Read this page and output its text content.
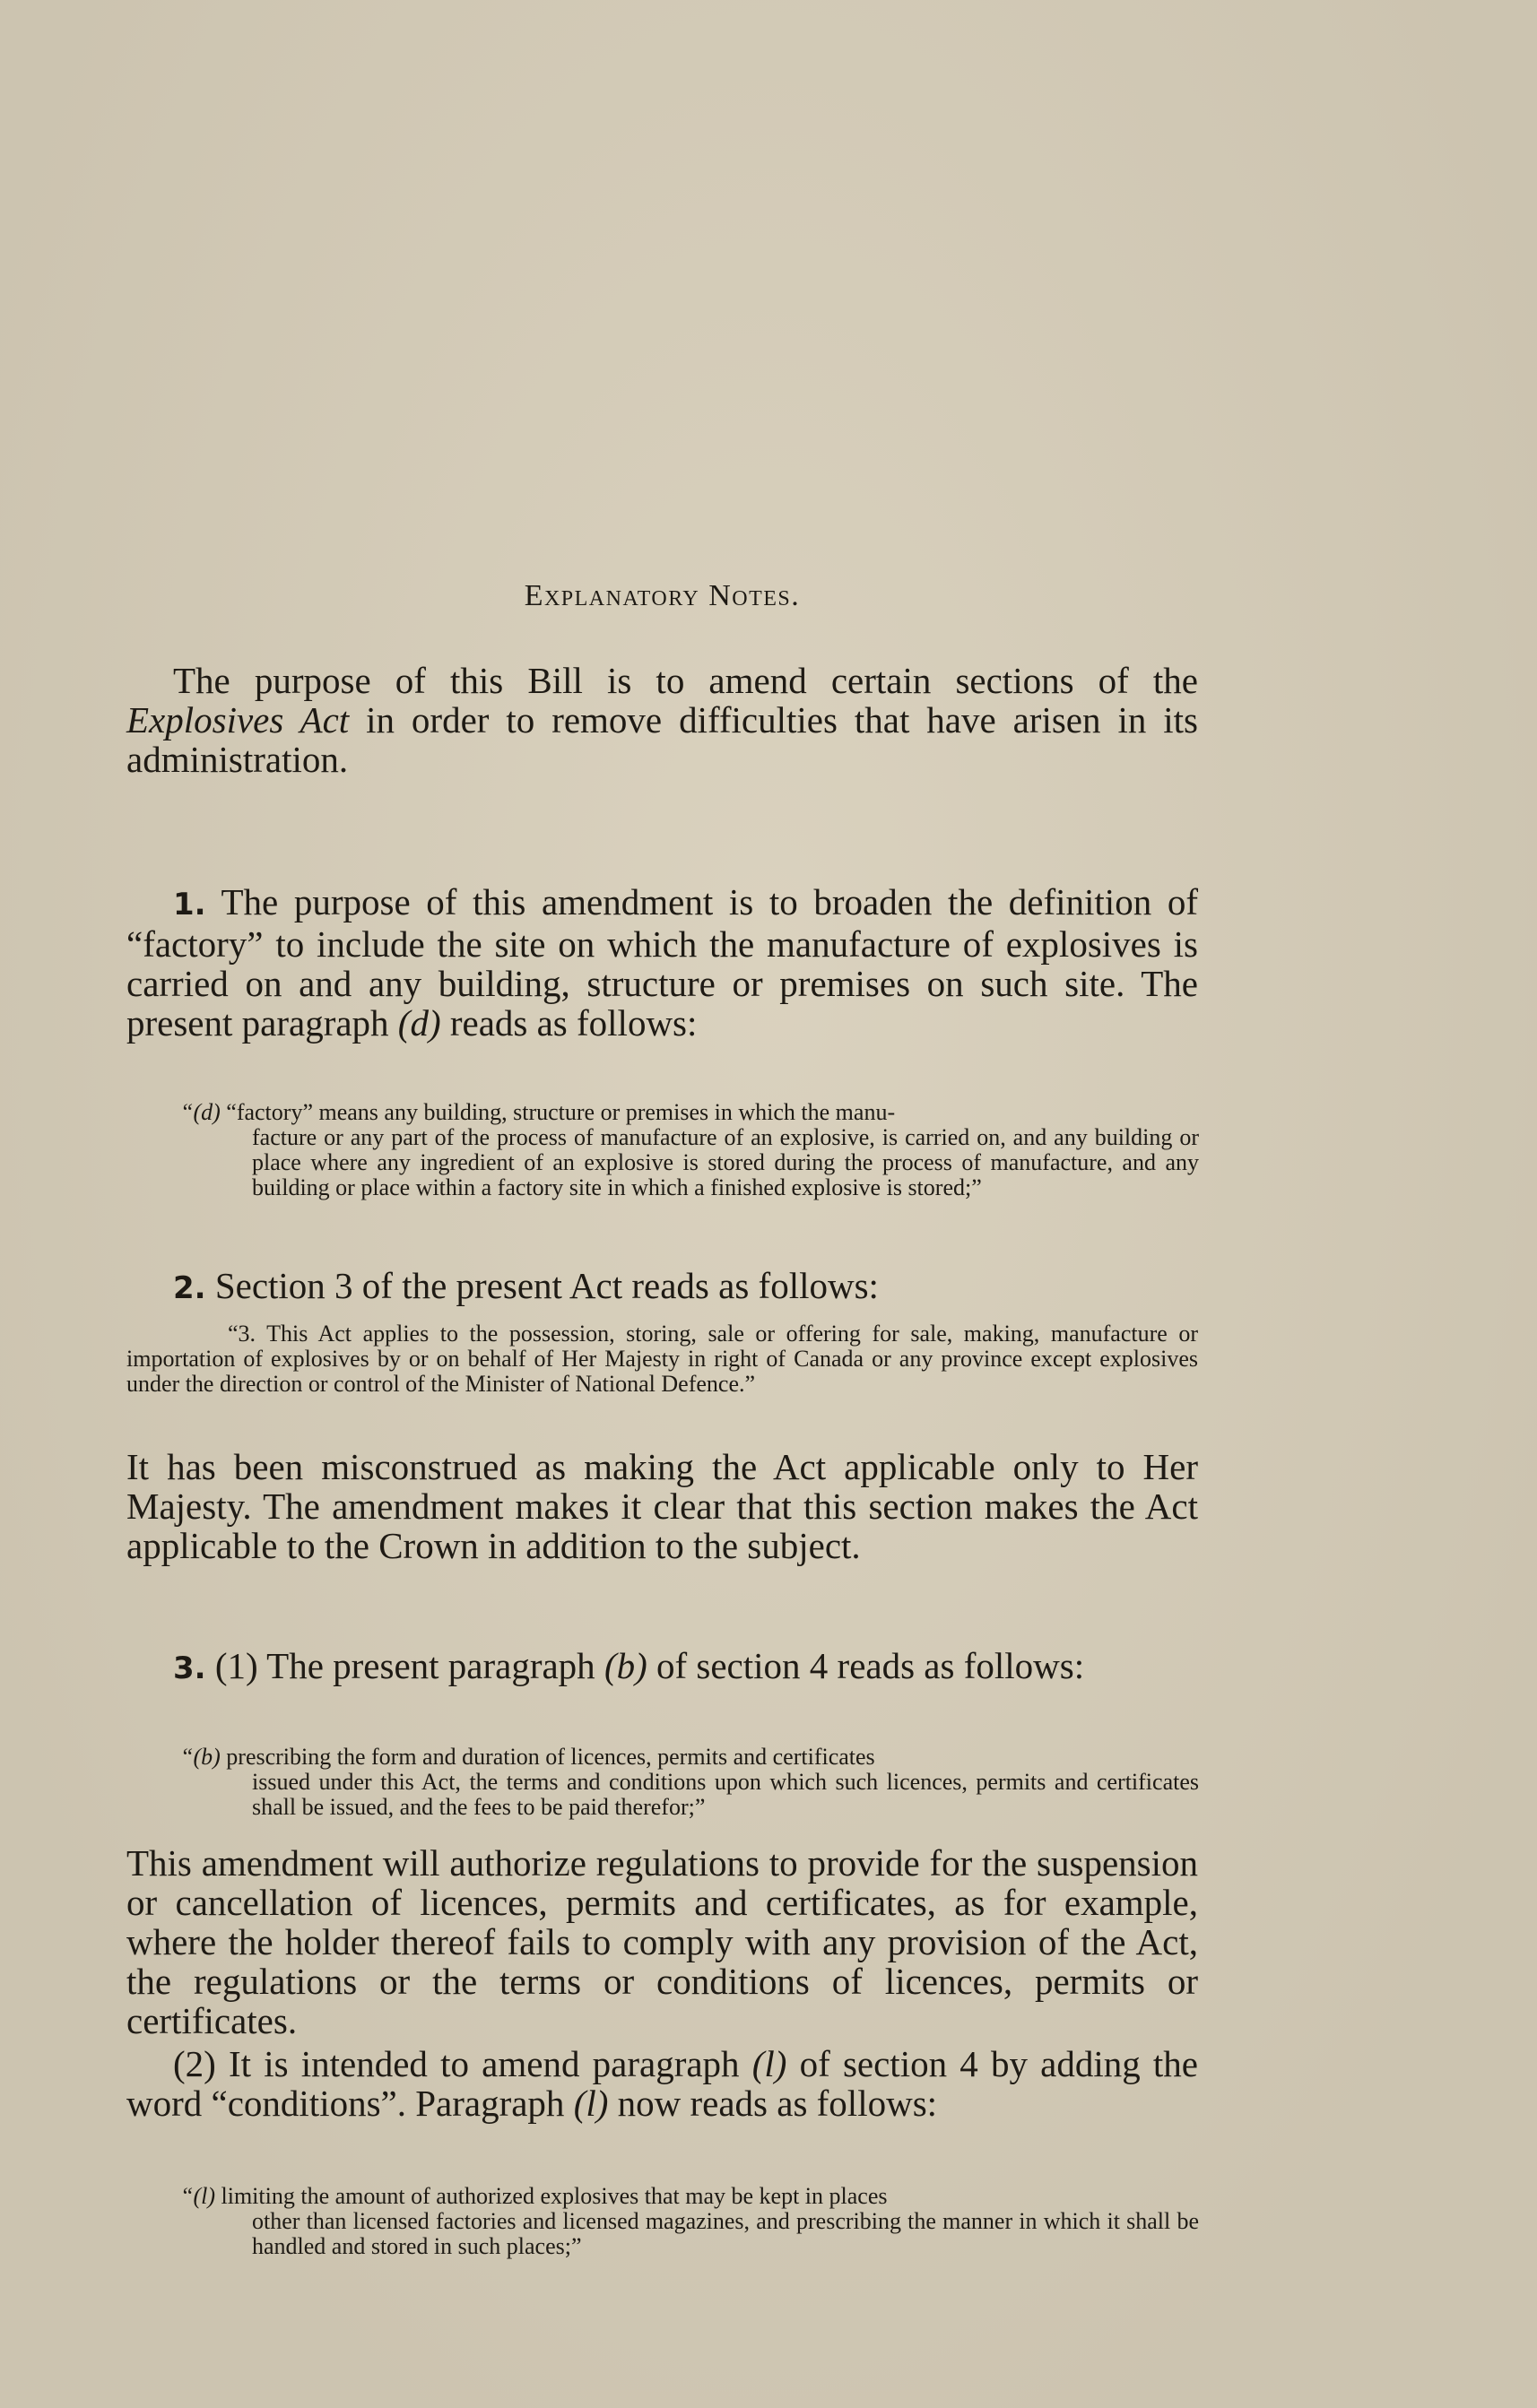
Explanatory Notes.

The purpose of this Bill is to amend certain sections of the Explosives Act in order to remove difficulties that have arisen in its administration.

1. The purpose of this amendment is to broaden the definition of “factory” to include the site on which the manufacture of explosives is carried on and any building, structure or premises on such site. The present paragraph (d) reads as follows:

“(d) “factory” means any building, structure or premises in which the manu-
facture or any part of the process of manufacture of an explosive, is carried on, and any building or place where any ingredient of an explosive is stored during the process of manufacture, and any building or place within a factory site in which a finished explosive is stored;”

2. Section 3 of the present Act reads as follows:

“3. This Act applies to the possession, storing, sale or offering for sale, making, manufacture or importation of explosives by or on behalf of Her Majesty in right of Canada or any province except explosives under the direction or control of the Minister of National Defence.”

It has been misconstrued as making the Act applicable only to Her Majesty. The amendment makes it clear that this section makes the Act applicable to the Crown in addition to the subject.

3. (1) The present paragraph (b) of section 4 reads as follows:

“(b) prescribing the form and duration of licences, permits and certificates
issued under this Act, the terms and conditions upon which such licences, permits and certificates shall be issued, and the fees to be paid therefor;”

This amendment will authorize regulations to provide for the suspension or cancellation of licences, permits and certificates, as for example, where the holder thereof fails to comply with any provision of the Act, the regulations or the terms or conditions of licences, permits or certificates.

(2) It is intended to amend paragraph (l) of section 4 by adding the word “conditions”. Paragraph (l) now reads as follows:

“(l) limiting the amount of authorized explosives that may be kept in places
other than licensed factories and licensed magazines, and prescribing the manner in which it shall be handled and stored in such places;”
